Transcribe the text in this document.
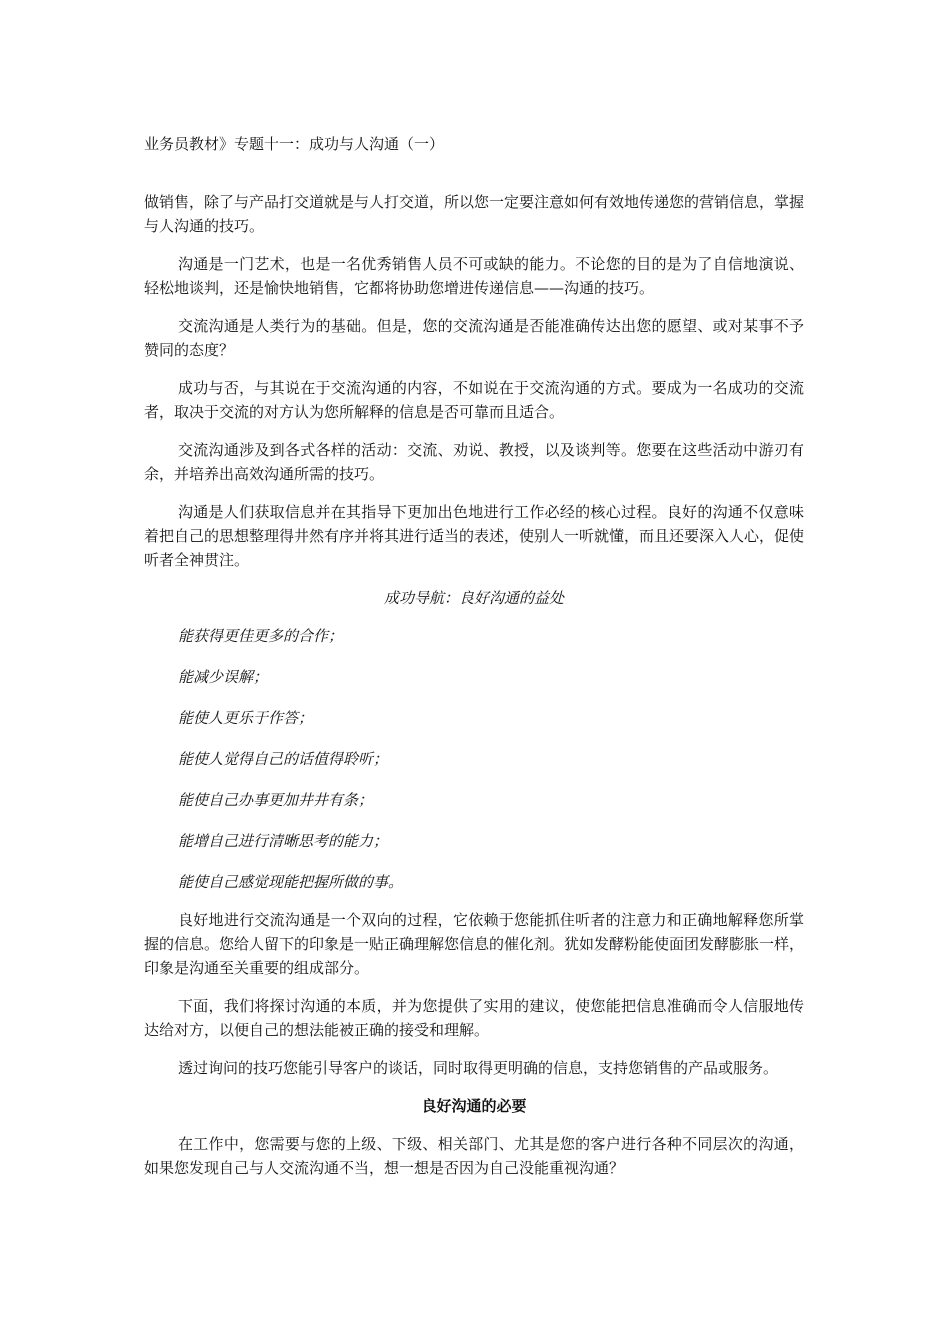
业务员教材》专题十一：成功与人沟通（一）

做销售，除了与产品打交道就是与人打交道，所以您一定要注意如何有效地传递您的营销信息，掌握与人沟通的技巧。

沟通是一门艺术，也是一名优秀销售人员不可或缺的能力。不论您的目的是为了自信地演说、轻松地谈判，还是愉快地销售，它都将协助您增进传递信息——沟通的技巧。

交流沟通是人类行为的基础。但是，您的交流沟通是否能准确传达出您的愿望、或对某事不予赞同的态度？

成功与否，与其说在于交流沟通的内容，不如说在于交流沟通的方式。要成为一名成功的交流者，取决于交流的对方认为您所解释的信息是否可靠而且适合。

交流沟通涉及到各式各样的活动：交流、劝说、教授，以及谈判等。您要在这些活动中游刃有余，并培养出高效沟通所需的技巧。

沟通是人们获取信息并在其指导下更加出色地进行工作必经的核心过程。良好的沟通不仅意味着把自己的思想整理得井然有序并将其进行适当的表述，使别人一听就懂，而且还要深入人心，促使听者全神贯注。

成功导航：良好沟通的益处
能获得更佳更多的合作；
能减少误解；
能使人更乐于作答；
能使人觉得自己的话值得聆听；
能使自己办事更加井井有条；
能增自己进行清晰思考的能力；
能使自己感觉现能把握所做的事。

良好地进行交流沟通是一个双向的过程，它依赖于您能抓住听者的注意力和正确地解释您所掌握的信息。您给人留下的印象是一贴正确理解您信息的催化剂。犹如发酵粉能使面团发酵膨胀一样，印象是沟通至关重要的组成部分。

下面，我们将探讨沟通的本质，并为您提供了实用的建议，使您能把信息准确而令人信服地传达给对方，以便自己的想法能被正确的接受和理解。

透过询问的技巧您能引导客户的谈话，同时取得更明确的信息，支持您销售的产品或服务。

良好沟通的必要

在工作中，您需要与您的上级、下级、相关部门、尤其是您的客户进行各种不同层次的沟通，如果您发现自己与人交流沟通不当，想一想是否因为自己没能重视沟通？
